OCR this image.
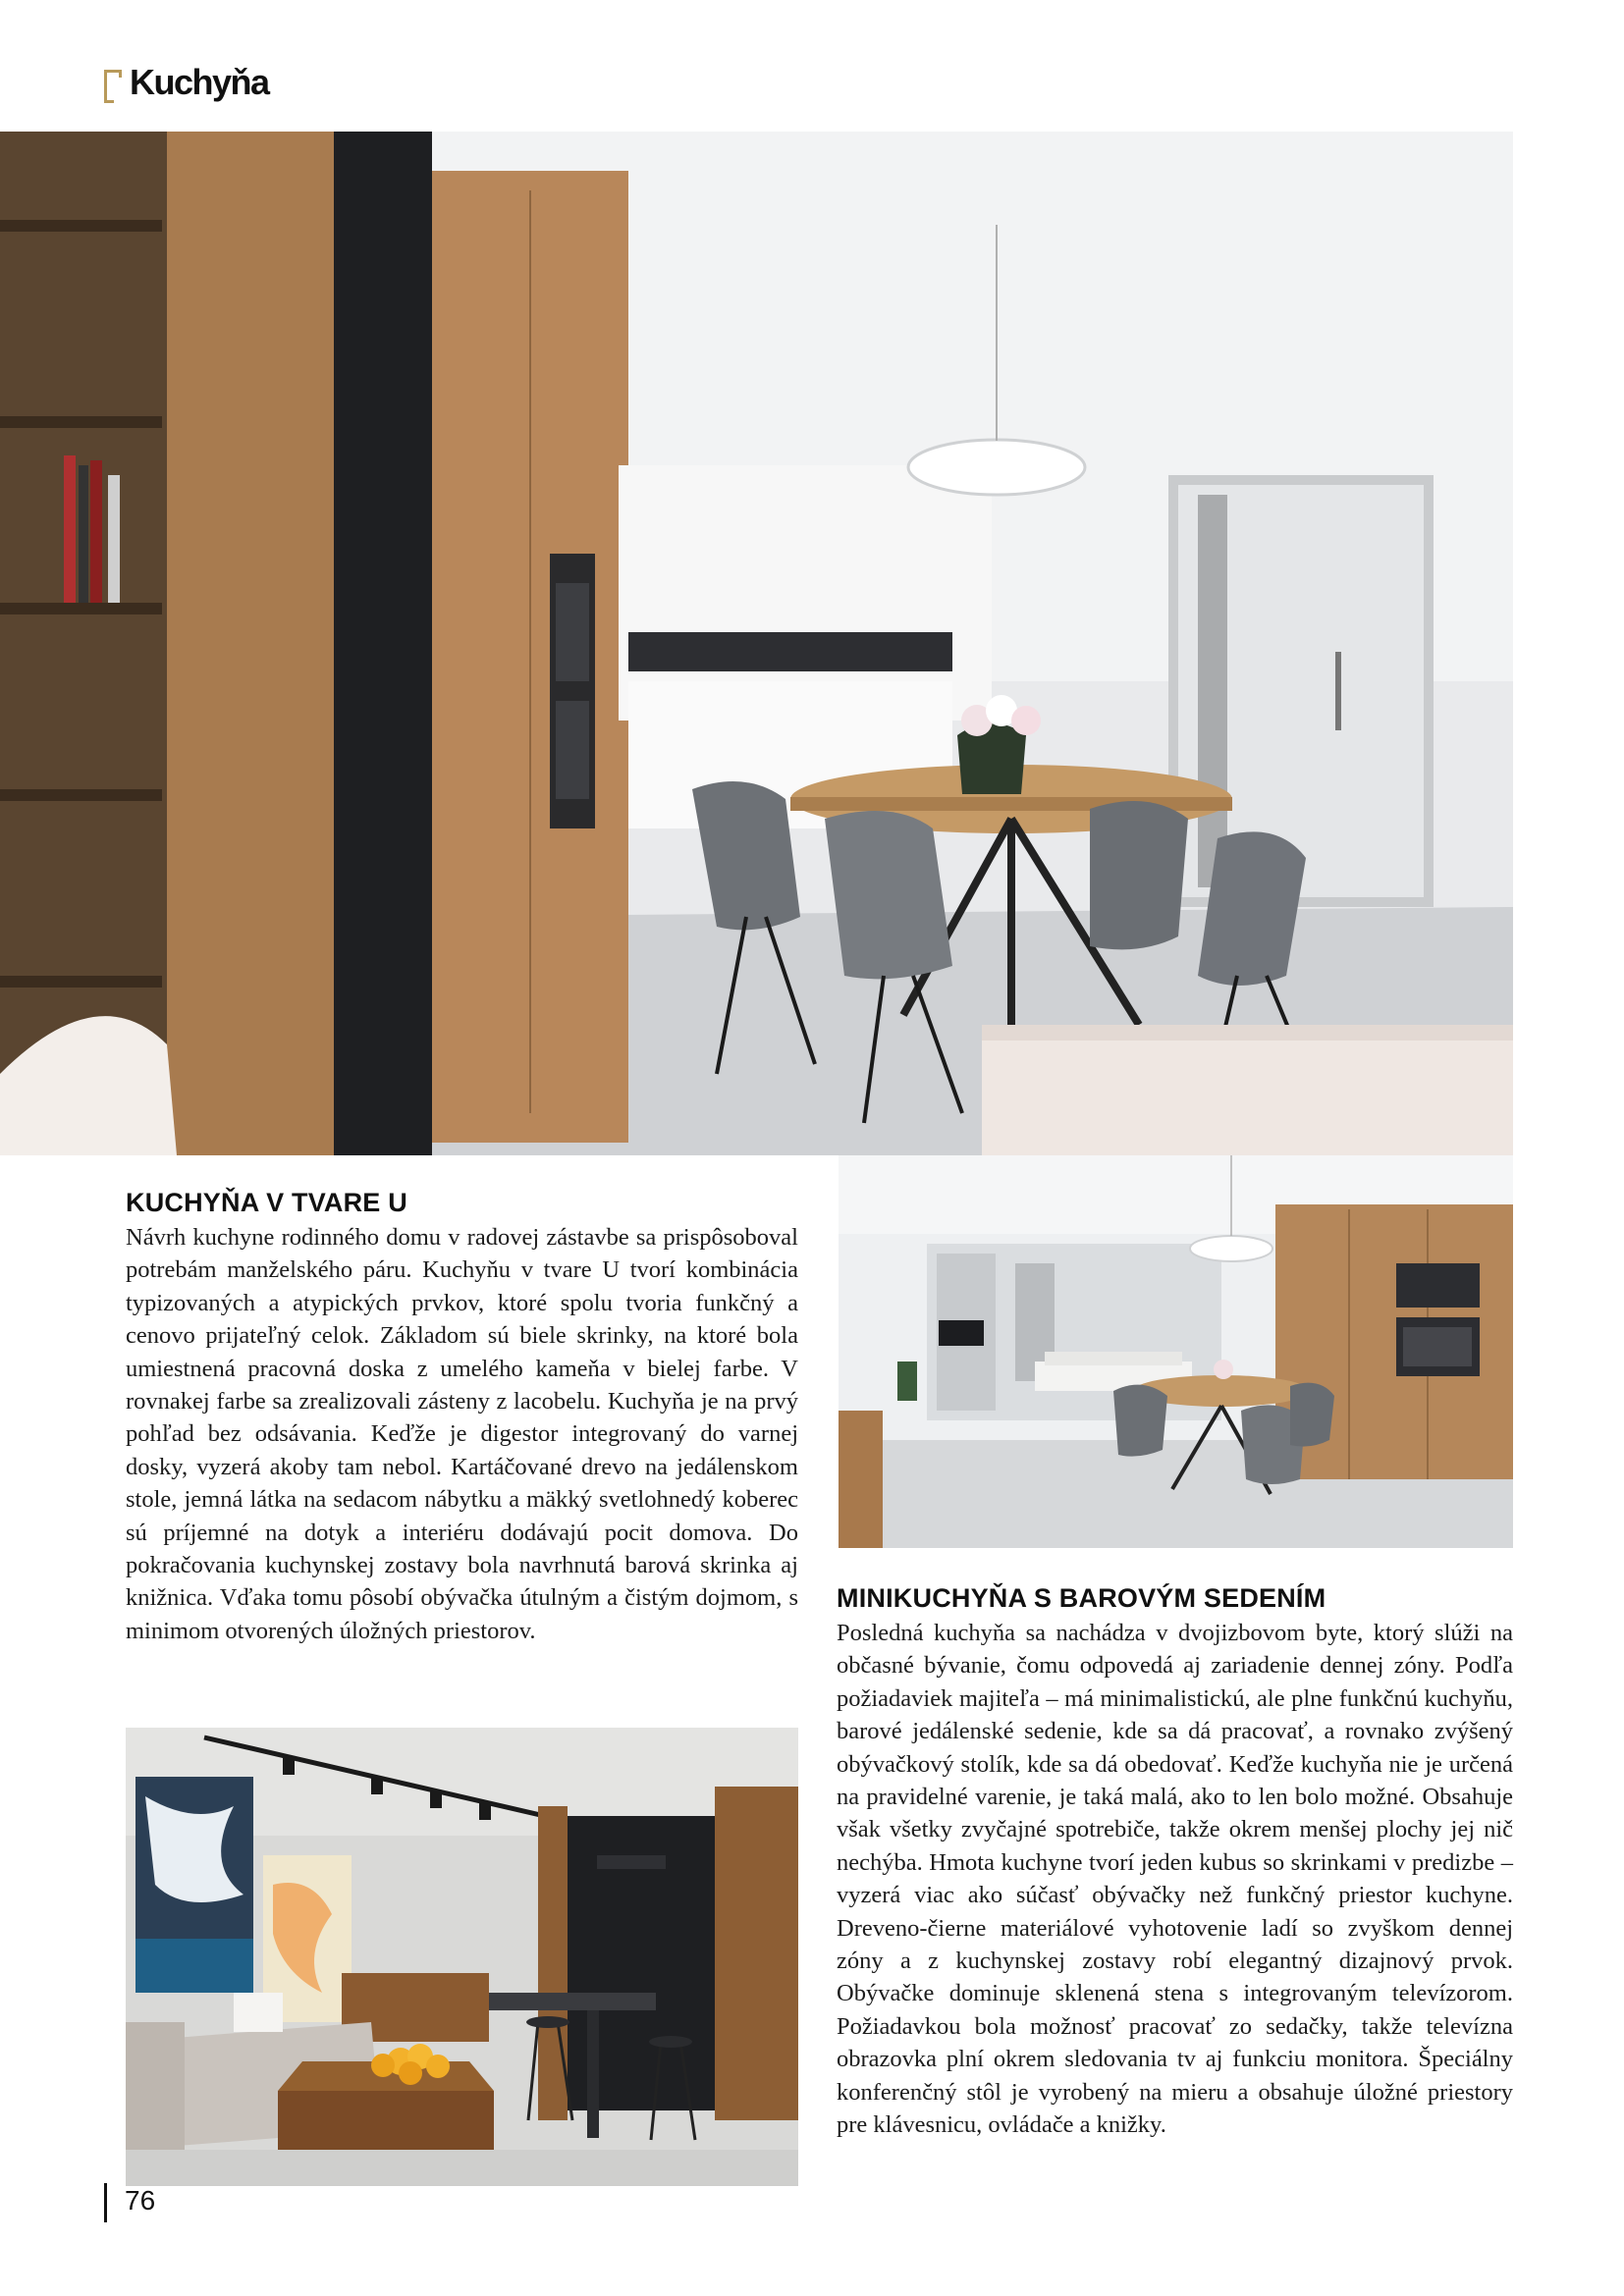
Kuchyňa
KUCHYŇA V TVARE U

Návrh kuchyne rodinného domu v radovej zástavbe sa prispôsoboval potrebám manželského páru. Kuchyňu v tvare U tvorí kombinácia typizovaných a atypických prvkov, ktoré spolu tvoria funkčný a cenovo prijateľný celok. Základom sú biele skrinky, na ktoré bola umiestnená pracovná doska z umelého kameňa v bielej farbe. V rovnakej farbe sa zrealizovali zásteny z lacobelu. Kuchyňa je na prvý pohľad bez odsávania. Keďže je digestor integrovaný do varnej dosky, vyzerá akoby tam nebol. Kartáčované drevo na jedálenskom stole, jemná látka na sedacom nábytku a mäkký svetlohnedý koberec sú príjemné na dotyk a interiéru dodávajú pocit domova. Do pokračovania kuchynskej zostavy bola navrhnutá barová skrinka aj knižnica. Vďaka tomu pôsobí obývačka útulným a čistým dojmom, s minimom otvorených úložných priestorov.

MINIKUCHYŇA S BAROVÝM SEDENÍM

Posledná kuchyňa sa nachádza v dvojizbovom byte, ktorý slúži na občasné bývanie, čomu odpovedá aj zariadenie dennej zóny. Podľa požiadaviek majiteľa – má minimalistickú, ale plne funkčnú kuchyňu, barové jedálenské sedenie, kde sa dá pracovať, a rovnako zvýšený obývačkový stolík, kde sa dá obedovať. Keďže kuchyňa nie je určená na pravidelné varenie, je taká malá, ako to len bolo možné. Obsahuje však všetky zvyčajné spotrebiče, takže okrem menšej plochy jej nič nechýba. Hmota kuchyne tvorí jeden kubus so skrinkami v predizbe – vyzerá viac ako súčasť obývačky než funkčný priestor kuchyne. Dreveno-čierne materiálové vyhotovenie ladí so zvyškom dennej zóny a z kuchynskej zostavy robí elegantný dizajnový prvok. Obývačke dominuje sklenená stena s integrovaným televízorom. Požiadavkou bola možnosť pracovať zo sedačky, takže televízna obrazovka plní okrem sledovania tv aj funkciu monitora. Špeciálny konferenčný stôl je vyrobený na mieru a obsahuje úložné priestory pre klávesnicu, ovládače a knižky.

76
